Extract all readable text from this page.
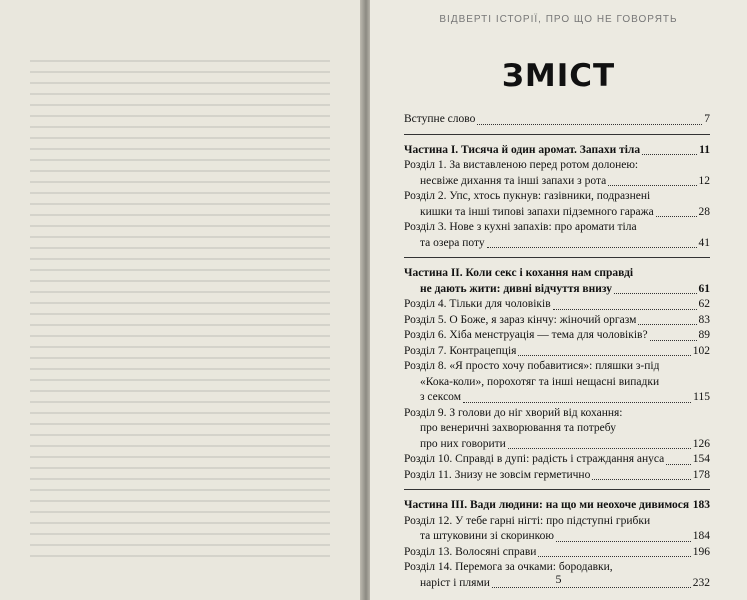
ВІДВЕРТІ ІСТОРІЇ, ПРО ЩО НЕ ГОВОРЯТЬ
ЗМІСТ
Вступне слово	7
Частина I. Тисяча й один аромат. Запахи тіла	11
Розділ 1. За виставленою перед ротом долонею:
несвіже дихання та інші запахи з рота	12
Розділ 2. Упс, хтось пукнув: газівники, подразнені
кишки та інші типові запахи підземного гаража	28
Розділ 3. Нове з кухні запахів: про аромати тіла
та озера поту	41
Частина II. Коли секс і кохання нам справді
не дають жити: дивні відчуття внизу	61
Розділ 4. Тільки для чоловіків	62
Розділ 5. О Боже, я зараз кінчу: жіночий оргазм	83
Розділ 6. Хіба менструація — тема для чоловіків?	89
Розділ 7. Контрацепція	102
Розділ 8. «Я просто хочу побавитися»: пляшки з-під
«Кока-коли», порохотяг та інші нещасні випадки
з сексом	115
Розділ 9. З голови до ніг хворий від кохання:
про венеричні захворювання та потребу
про них говорити	126
Розділ 10. Справді в дупі: радість і страждання ануса 154
Розділ 11. Знизу не зовсім герметично	178
Частина III. Вади людини: на що ми неохоче дивимося 183
Розділ 12. У тебе гарні нігті: про підступні грибки
та штуковини зі скоринкою	184
Розділ 13. Волосяні справи	196
Розділ 14. Перемога за очками: бородавки,
наріст і плями	232
5
